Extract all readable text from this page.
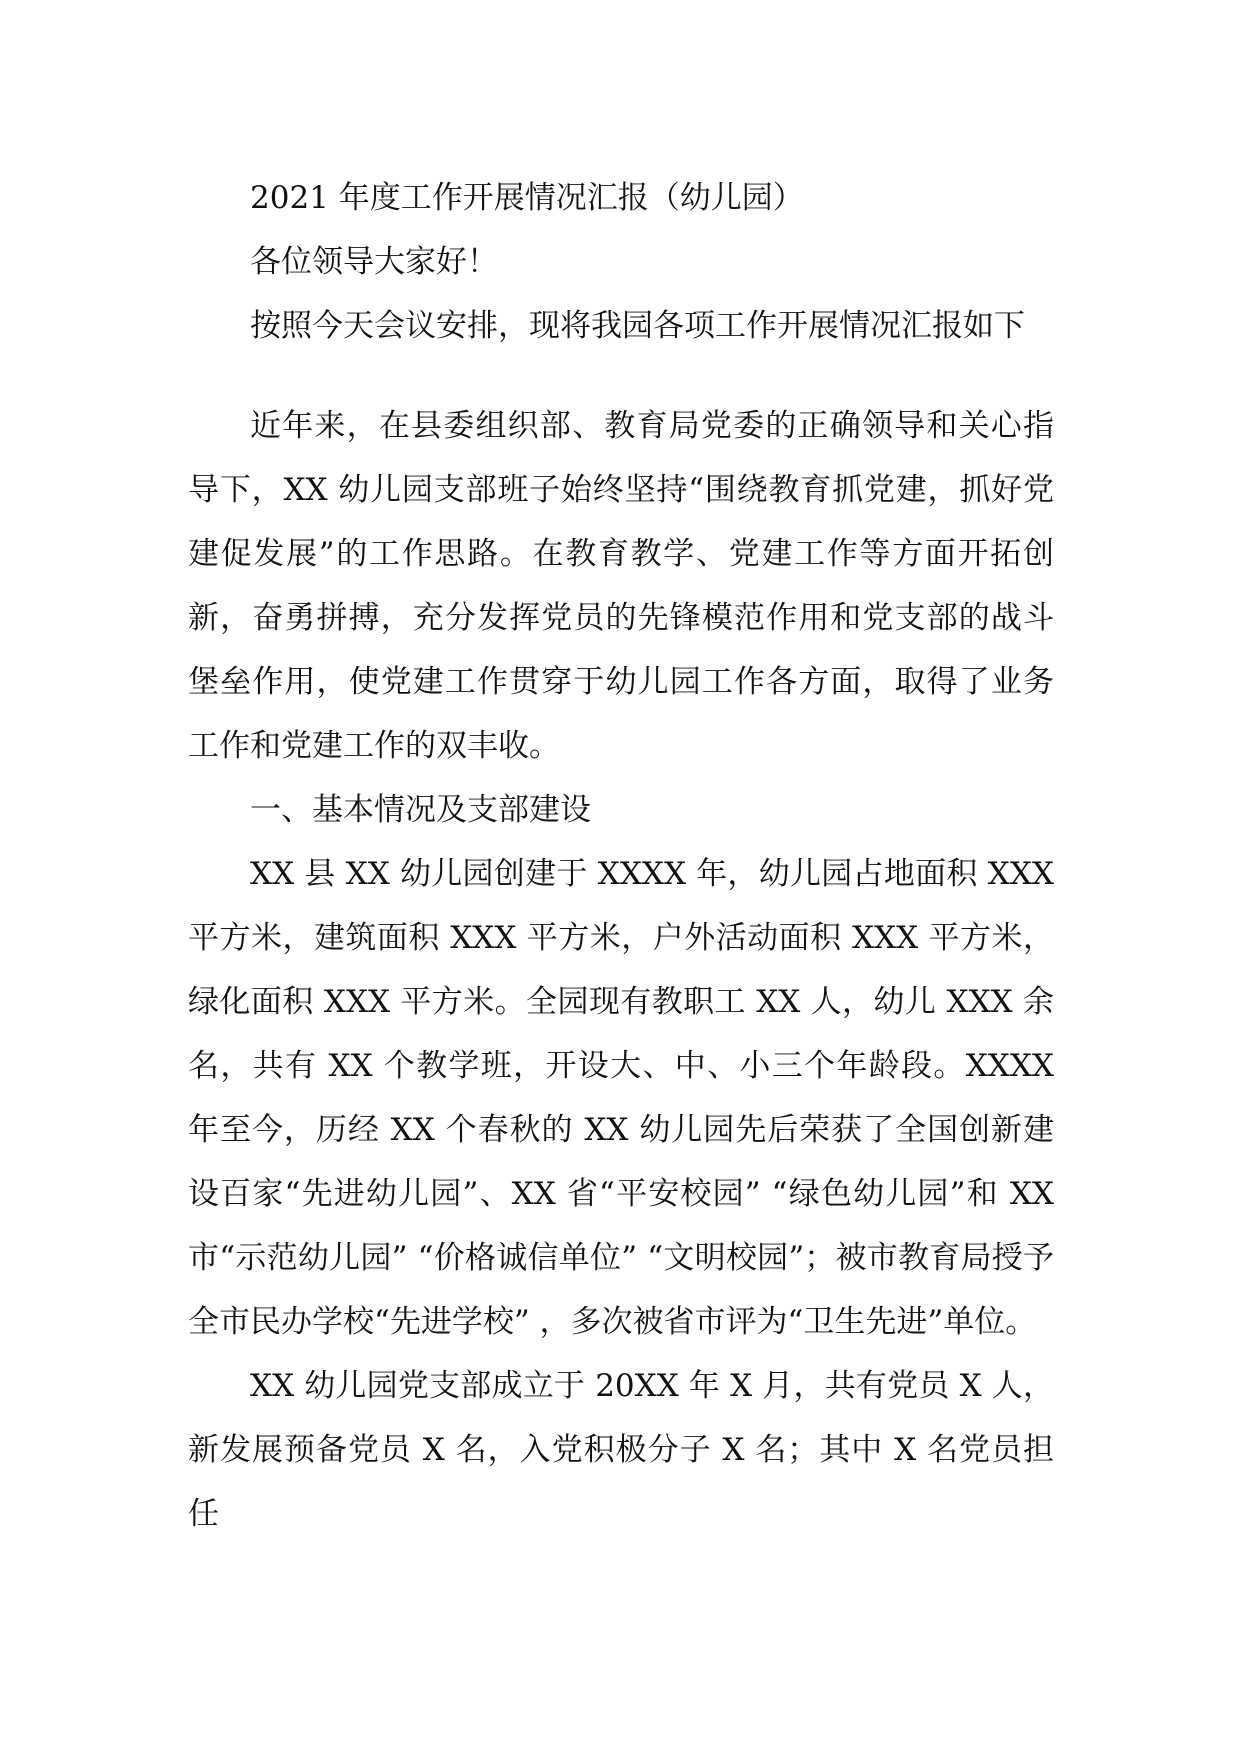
2021 年度工作开展情况汇报（幼儿园）

各位领导大家好！

按照今天会议安排，现将我园各项工作开展情况汇报如下

近年来，在县委组织部、教育局党委的正确领导和关心指导下，XX 幼儿园支部班子始终坚持“围绕教育抓党建，抓好党建促发展”的工作思路。在教育教学、党建工作等方面开拓创新，奋勇拼搏，充分发挥党员的先锋模范作用和党支部的战斗堡垒作用，使党建工作贯穿于幼儿园工作各方面，取得了业务工作和党建工作的双丰收。

一、基本情况及支部建设

XX 县 XX 幼儿园创建于 XXXX 年，幼儿园占地面积 XXX 平方米，建筑面积 XXX 平方米，户外活动面积 XXX 平方米，绿化面积 XXX 平方米。全园现有教职工 XX 人，幼儿 XXX 余名，共有 XX 个教学班，开设大、中、小三个年龄段。XXXX 年至今，历经 XX 个春秋的 XX 幼儿园先后荣获了全国创新建设百家“先进幼儿园”、XX 省“平安校园” “绿色幼儿园”和 XX 市“示范幼儿园” “价格诚信单位” “文明校园”；被市教育局授予全市民办学校“先进学校” ，多次被省市评为“卫生先进”单位。

XX 幼儿园党支部成立于 20XX 年 X 月，共有党员 X 人，新发展预备党员 X 名，入党积极分子 X 名；其中 X 名党员担任
